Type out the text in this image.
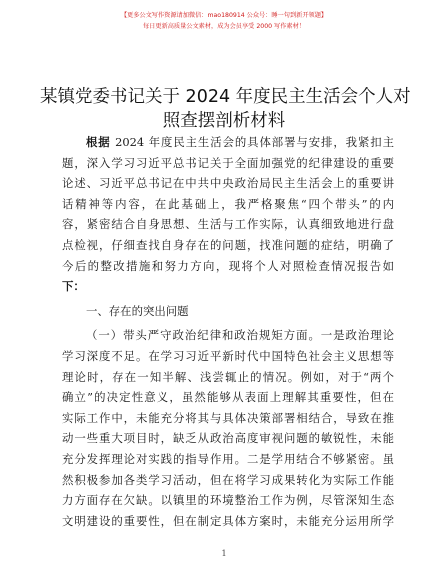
【更多公文写作资源请加微信：mao180914 公众号：睡一句到新开领题】
每日更新高质量公文素材，成为会员享受 2000 写作素材！
某镇党委书记关于 2024 年度民主生活会个人对
照查摆剖析材料
根据 2024 年度民主生活会的具体部署与安排，我紧扣主
题，深入学习习近平总书记关于全面加强党的纪律建设的重要
论述、习近平总书记在中共中央政治局民主生活会上的重要讲
话精神等内容，在此基础上，我严格聚焦“四个带头”的内
容，紧密结合自身思想、生活与工作实际，认真细致地进行盘
点检视，仔细查找自身存在的问题，找准问题的症结，明确了
今后的整改措施和努力方向，现将个人对照检查情况报告如
下：
一、存在的突出问题
（一）带头严守政治纪律和政治规矩方面。一是政治理论
学习深度不足。在学习习近平新时代中国特色社会主义思想等
理论时，存在一知半解、浅尝辄止的情况。例如，对于“两个
确立”的决定性意义，虽然能够从表面上理解其重要性，但在
实际工作中，未能充分将其与具体决策部署相结合，导致在推
动一些重大项目时，缺乏从政治高度审视问题的敏锐性，未能
充分发挥理论对实践的指导作用。二是学用结合不够紧密。虽
然积极参加各类学习活动，但在将学习成果转化为实际工作能
力方面存在欠缺。以镇里的环境整治工作为例，尽管深知生态
文明建设的重要性，但在制定具体方案时，未能充分运用所学
1
